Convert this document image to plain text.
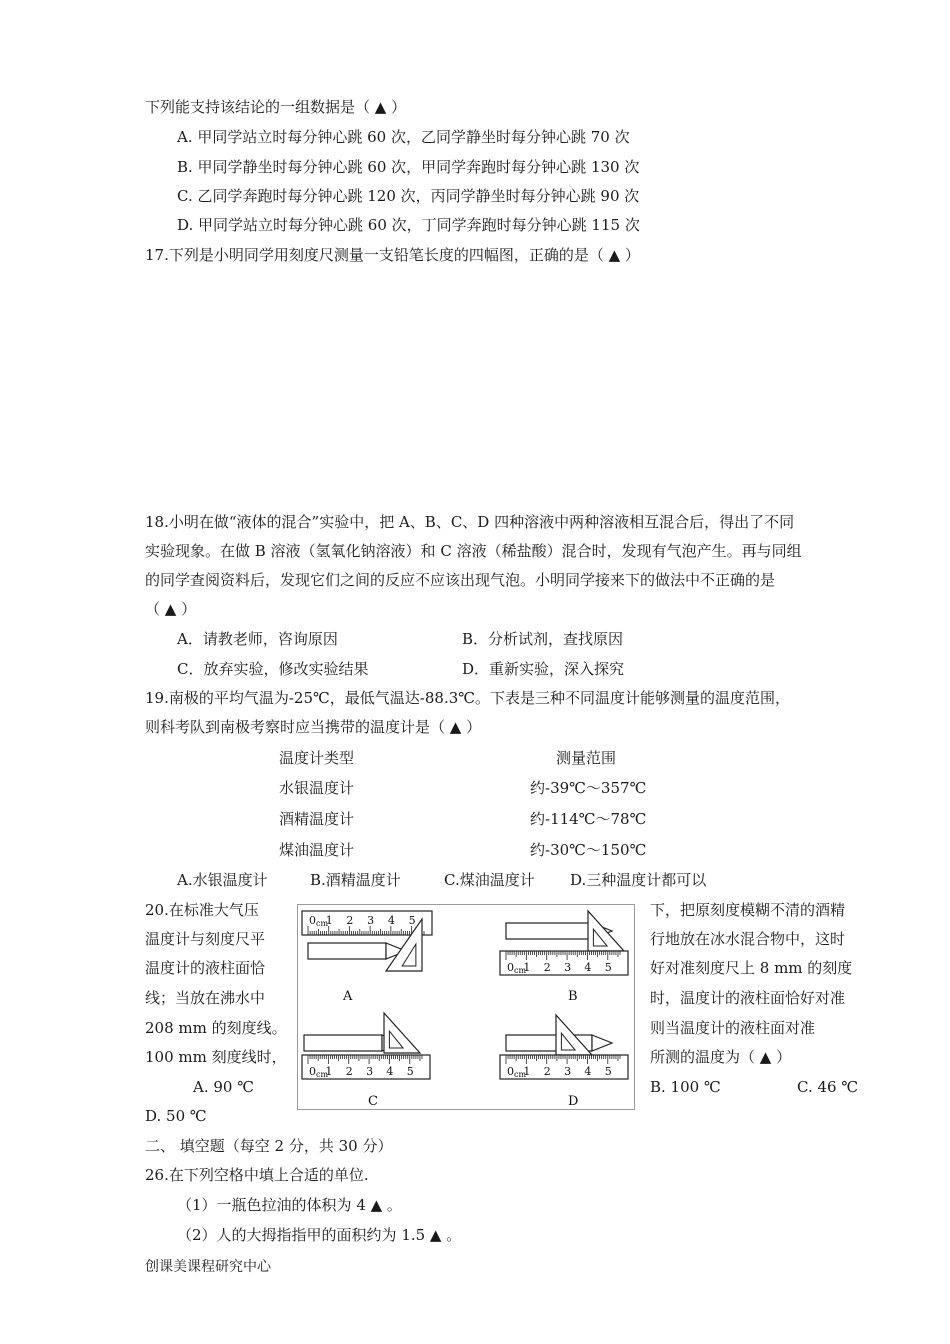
下列能支持该结论的一组数据是（ ▲ ）
A. 甲同学站立时每分钟心跳 60 次，乙同学静坐时每分钟心跳 70 次
B. 甲同学静坐时每分钟心跳 60 次，甲同学奔跑时每分钟心跳 130 次
C. 乙同学奔跑时每分钟心跳 120 次，丙同学静坐时每分钟心跳 90 次
D. 甲同学站立时每分钟心跳 60 次，丁同学奔跑时每分钟心跳 115 次
17.下列是小明同学用刻度尺测量一支铅笔长度的四幅图，正确的是（ ▲ ）
18.小明在做“液体的混合”实验中，把 A、B、C、D 四种溶液中两种溶液相互混合后，得出了不同
实验现象。在做 B 溶液（氢氧化钠溶液）和 C 溶液（稀盐酸）混合时，发现有气泡产生。再与同组
的同学查阅资料后，发现它们之间的反应不应该出现气泡。小明同学接来下的做法中不正确的是
（ ▲ ）
A．请教老师，咨询原因	B．分析试剂，查找原因
C．放弃实验，修改实验结果	D．重新实验，深入探究
19.南极的平均气温为-25℃，最低气温达-88.3℃。下表是三种不同温度计能够测量的温度范围，
则科考队到南极考察时应当携带的温度计是（ ▲ ）
温度计类型	测量范围
水银温度计	约-39℃～357℃
酒精温度计	约-114℃～78℃
煤油温度计	约-30℃～150℃
A.水银温度计	B.酒精温度计	C.煤油温度计 D.三种温度计都可以
20.在标准大气压
温度计与刻度尺平
温度计的液柱面恰
线；当放在沸水中
208 mm 的刻度线。
100 mm 刻度线时，
A. 90 ℃
下，把原刻度模糊不清的酒精
行地放在冰水混合物中，这时
好对准刻度尺上 8 mm 的刻度
时，温度计的液柱面恰好对准
则当温度计的液柱面对准
所测的温度为（ ▲ ）
B. 100 ℃	C. 46 ℃
D. 50 ℃
0 cm
1 2 3 4 5
A
0 cm
1 2 3 4 5
B
0 cm
1 2 3 4 5
C
0 cm
1 2 3 4 5
D
二、 填空题（每空 2 分，共 30 分）
26.在下列空格中填上合适的单位.
（1）一瓶色拉油的体积为 4 ▲ 。
（2）人的大拇指指甲的面积约为 1.5 ▲ 。
创课美课程研究中心
